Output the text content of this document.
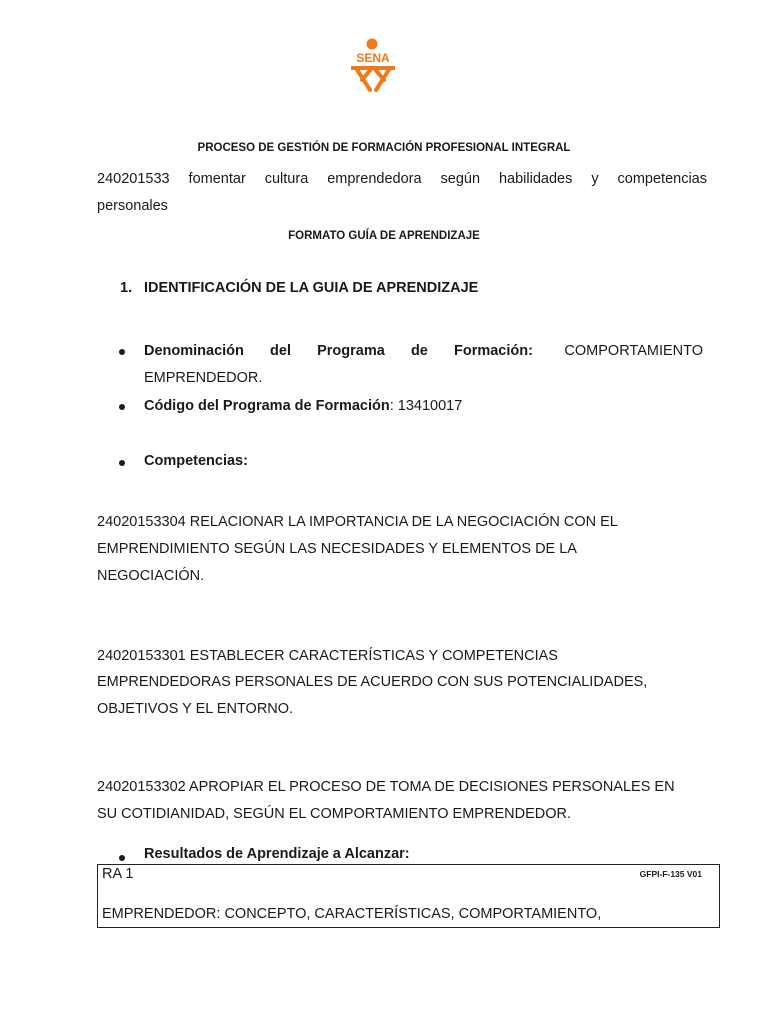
SENA
PROCESO DE GESTIÓN DE FORMACIÓN PROFESIONAL INTEGRAL
240201533 fomentar cultura emprendedora según habilidades y competencias
personales
FORMATO GUÍA DE APRENDIZAJE
1. IDENTIFICACIÓN DE LA GUIA DE APRENDIZAJE
Denominación del Programa de Formación: COMPORTAMIENTO
EMPRENDEDOR.
Código del Programa de Formación: 13410017
Competencias:
24020153304 RELACIONAR LA IMPORTANCIA DE LA NEGOCIACIÓN CON EL
EMPRENDIMIENTO SEGÚN LAS NECESIDADES Y ELEMENTOS DE LA
NEGOCIACIÓN.
24020153301 ESTABLECER CARACTERÍSTICAS Y COMPETENCIAS
EMPRENDEDORAS PERSONALES DE ACUERDO CON SUS POTENCIALIDADES,
OBJETIVOS Y EL ENTORNO.
24020153302 APROPIAR EL PROCESO DE TOMA DE DECISIONES PERSONALES EN
SU COTIDIANIDAD, SEGÚN EL COMPORTAMIENTO EMPRENDEDOR.
Resultados de Aprendizaje a Alcanzar:
RA 1	GFPI-F-135 V01
EMPRENDEDOR: CONCEPTO, CARACTERÍSTICAS, COMPORTAMIENTO,
